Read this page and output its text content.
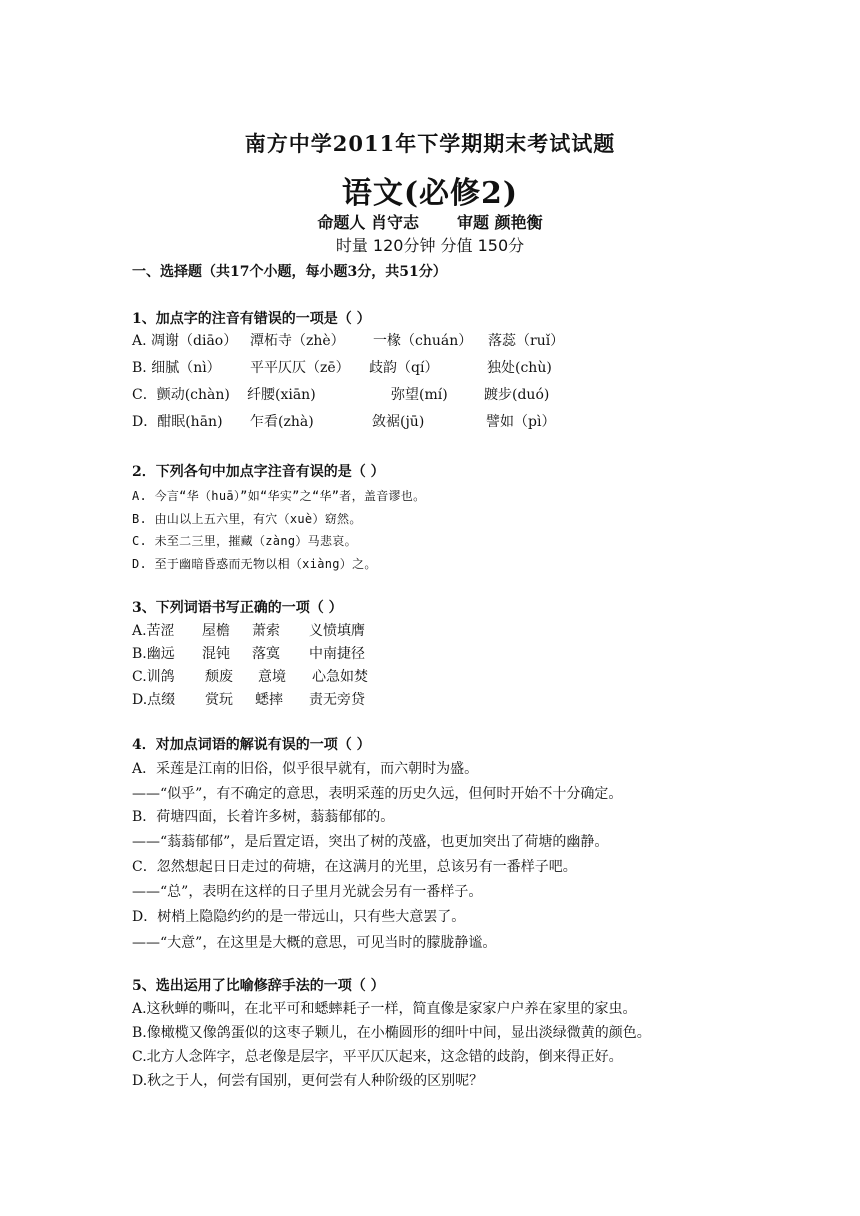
南方中学2011年下学期期末考试试题
语文(必修2)
命题人 肖守志 审题 颜艳衡
时量 120分钟 分值 150分
一、选择题（共17个小题，每小题3分，共51分）
1、加点字的注音有错误的一项是（ ）
A. 凋谢（diāo） 潭柘寺（zhè） 一椽（chuán） 落蕊（ruǐ）
B. 细腻（nì） 平平仄仄（zē） 歧韵（qí）	独处(chù)
C．颤动(chàn) 纤腰(xiān)	弥望(mí)	踱步(duó)
D．酣眠(hān) 乍看(zhà)	敛裾(jū)	譬如（pì）
2．下列各句中加点字注音有误的是（ ）
A. 今言“华（huā）”如“华实”之“华”者，盖音谬也。
B. 由山以上五六里，有穴（xuè）窈然。
C. 未至二三里，摧藏（zàng）马悲哀。
D. 至于幽暗昏惑而无物以相（xiàng）之。
3、下列词语书写正确的一项（ ）
A.苦涩 屋檐 萧索 义愤填膺
B.幽远 混钝 落寞 中南捷径
C.训鸽 颓废 意境 心急如焚
D.点缀 赏玩 蟋摔 责无旁贷
4．对加点词语的解说有误的一项（ ）
A．采莲是江南的旧俗，似乎很早就有，而六朝时为盛。
——“似乎”，有不确定的意思，表明采莲的历史久远，但何时开始不十分确定。
B．荷塘四面，长着许多树，蓊蓊郁郁的。
——“蓊蓊郁郁”，是后置定语，突出了树的茂盛，也更加突出了荷塘的幽静。
C．忽然想起日日走过的荷塘，在这满月的光里，总该另有一番样子吧。
——“总”，表明在这样的日子里月光就会另有一番样子。
D．树梢上隐隐约约的是一带远山，只有些大意罢了。
——“大意”，在这里是大概的意思，可见当时的朦胧静谧。
5、选出运用了比喻修辞手法的一项（ ）
A.这秋蝉的嘶叫，在北平可和蟋蟀耗子一样，简直像是家家户户养在家里的家虫。
B.像橄榄又像鸽蛋似的这枣子颗儿，在小椭圆形的细叶中间，显出淡绿微黄的颜色。
C.北方人念阵字，总老像是层字，平平仄仄起来，这念错的歧韵，倒来得正好。
D.秋之于人，何尝有国别，更何尝有人种阶级的区别呢？
